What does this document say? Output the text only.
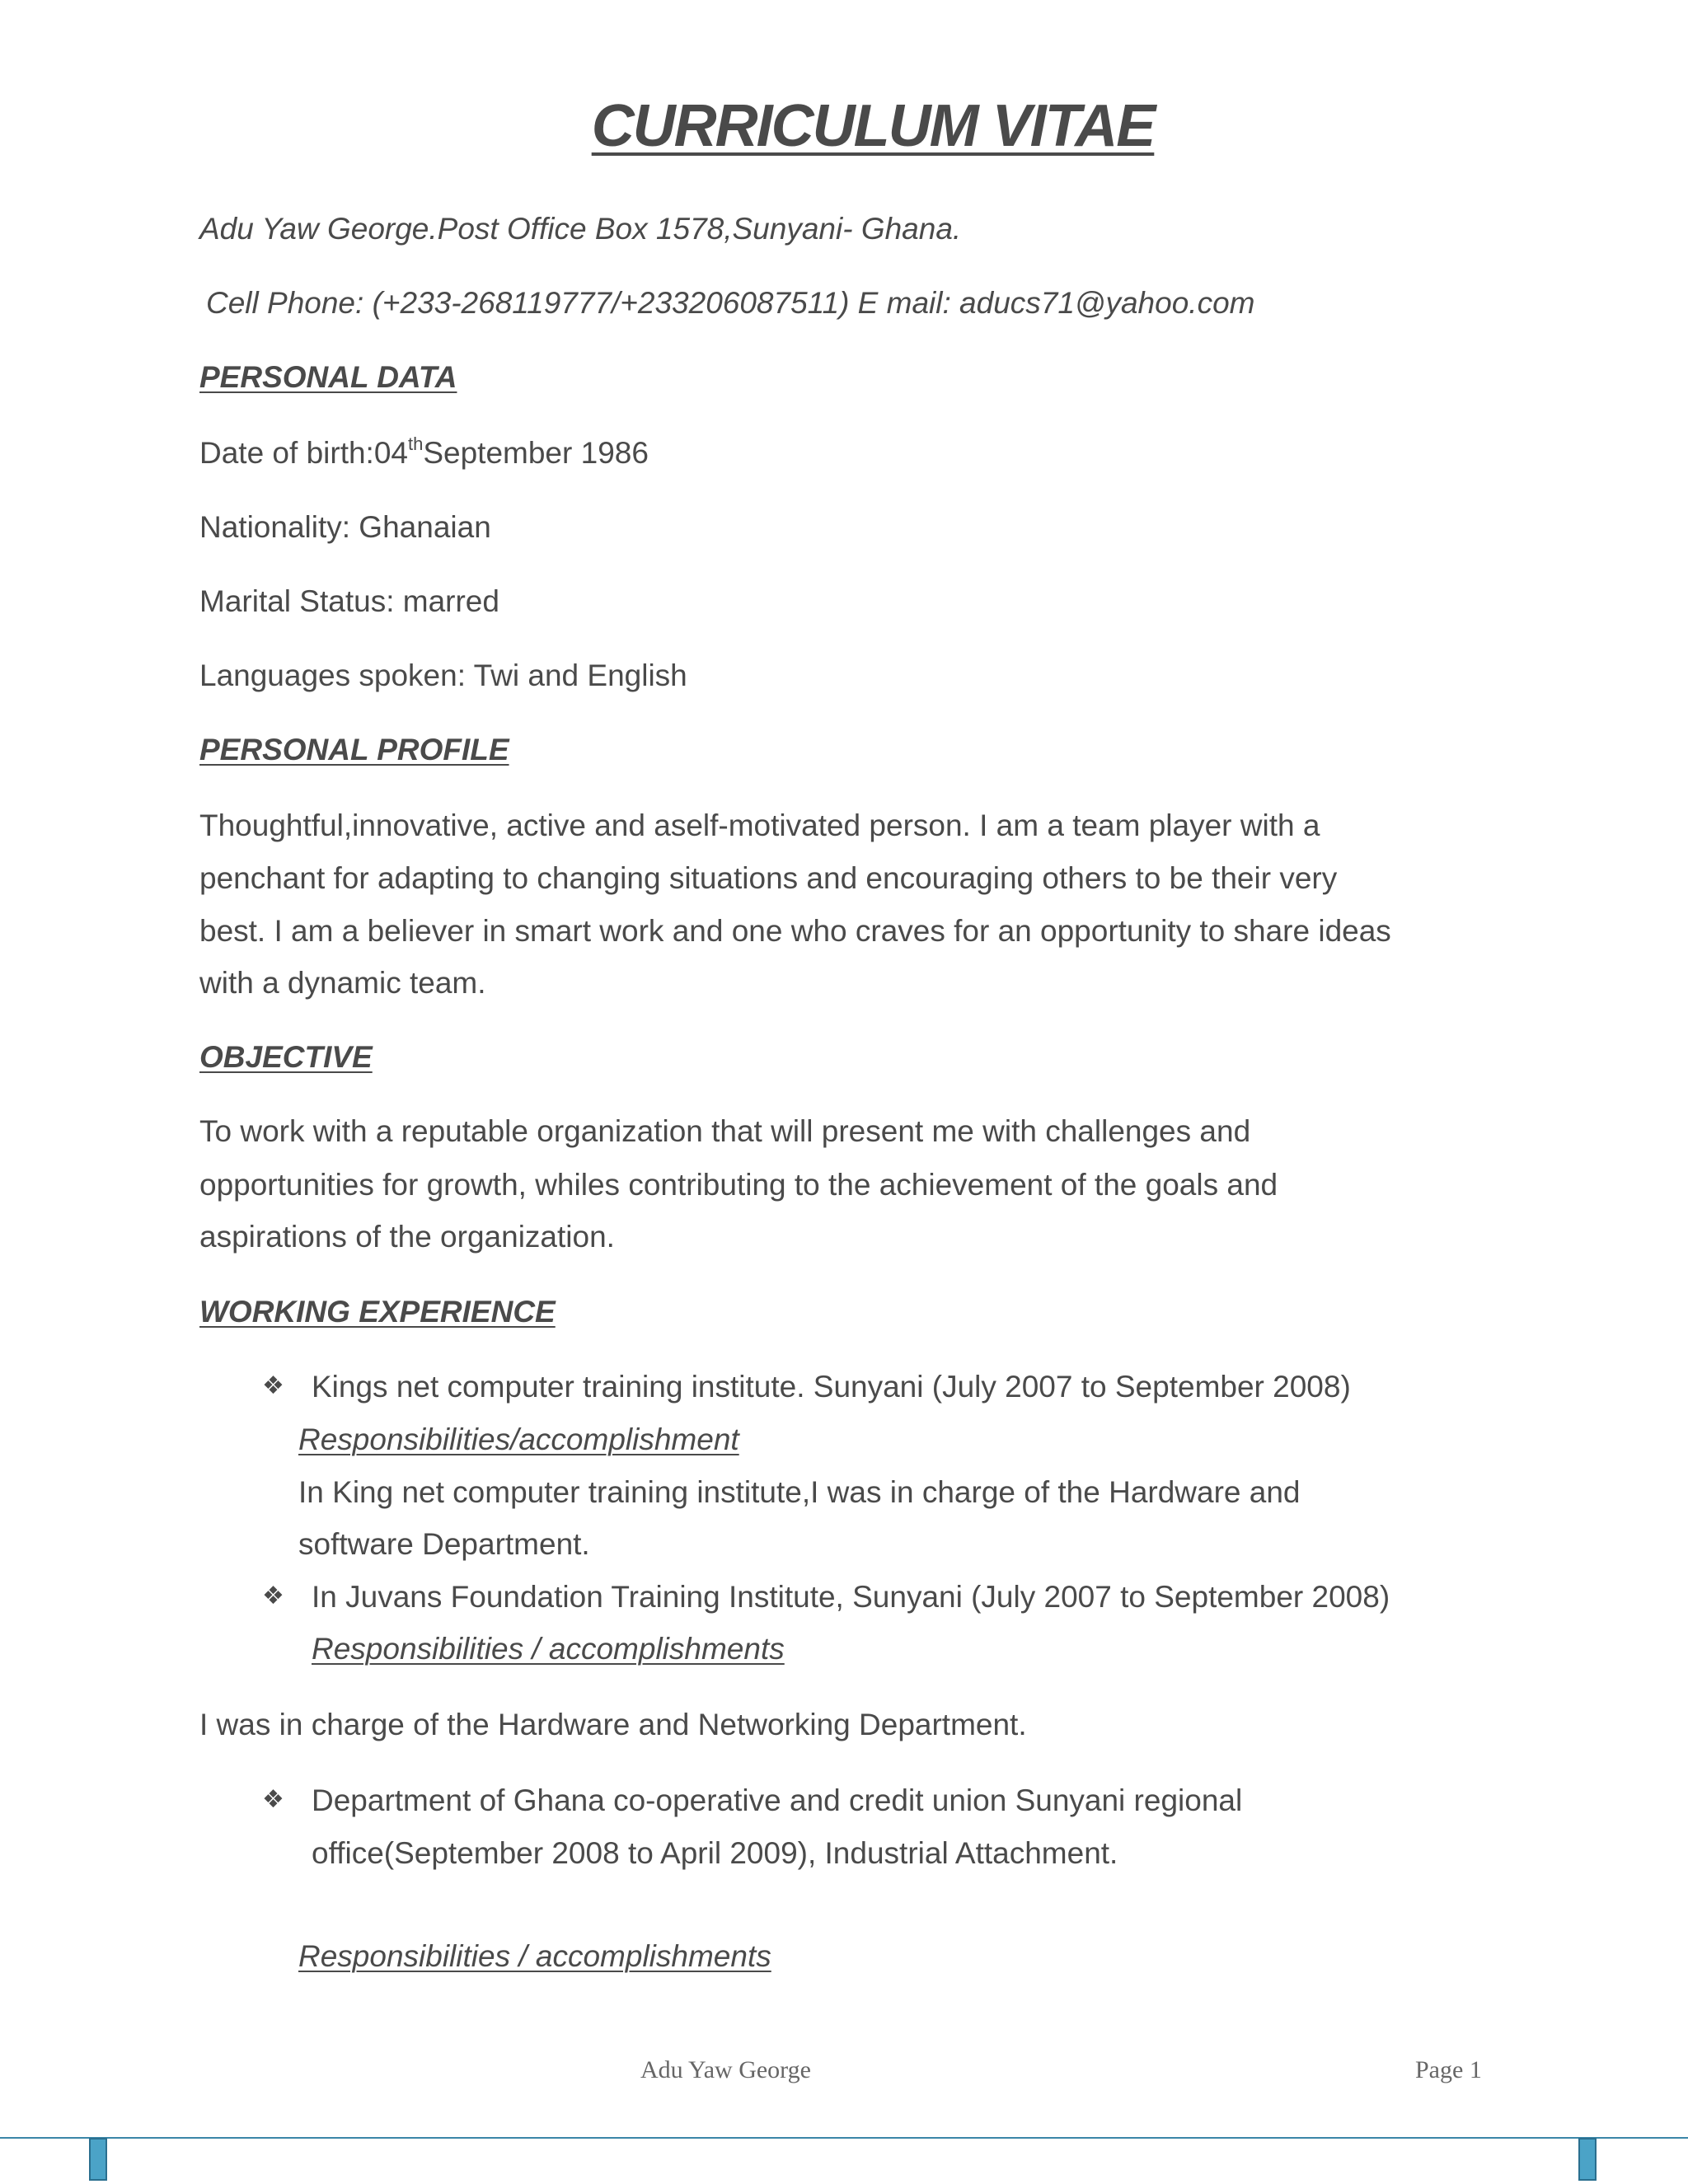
CURRICULUM VITAE
Adu Yaw George.Post Office Box 1578,Sunyani- Ghana.
Cell Phone: (+233-268119777/+233206087511) E mail: aducs71@yahoo.com
PERSONAL DATA
Date of birth:04thSeptember 1986
Nationality: Ghanaian
Marital Status: marred
Languages spoken: Twi and English
PERSONAL PROFILE
Thoughtful,innovative, active and aself-motivated person. I am a team player with a
penchant for adapting to changing situations and encouraging others to be their very
best. I am a believer in smart work and one who craves for an opportunity to share ideas
with a dynamic team.
OBJECTIVE
To work with a reputable organization that will present me with challenges and
opportunities for growth, whiles contributing to the achievement of the goals and
aspirations of the organization.
WORKING EXPERIENCE
❖ Kings net computer training institute. Sunyani (July 2007 to September 2008)
Responsibilities/accomplishment
In King net computer training institute,I was in charge of the Hardware and
software Department.
❖ In Juvans Foundation Training Institute, Sunyani (July 2007 to September 2008)
Responsibilities / accomplishments
I was in charge of the Hardware and Networking Department.
❖ Department of Ghana co-operative and credit union Sunyani regional
office(September 2008 to April 2009), Industrial Attachment.
Responsibilities / accomplishments
Adu Yaw George	Page 1
